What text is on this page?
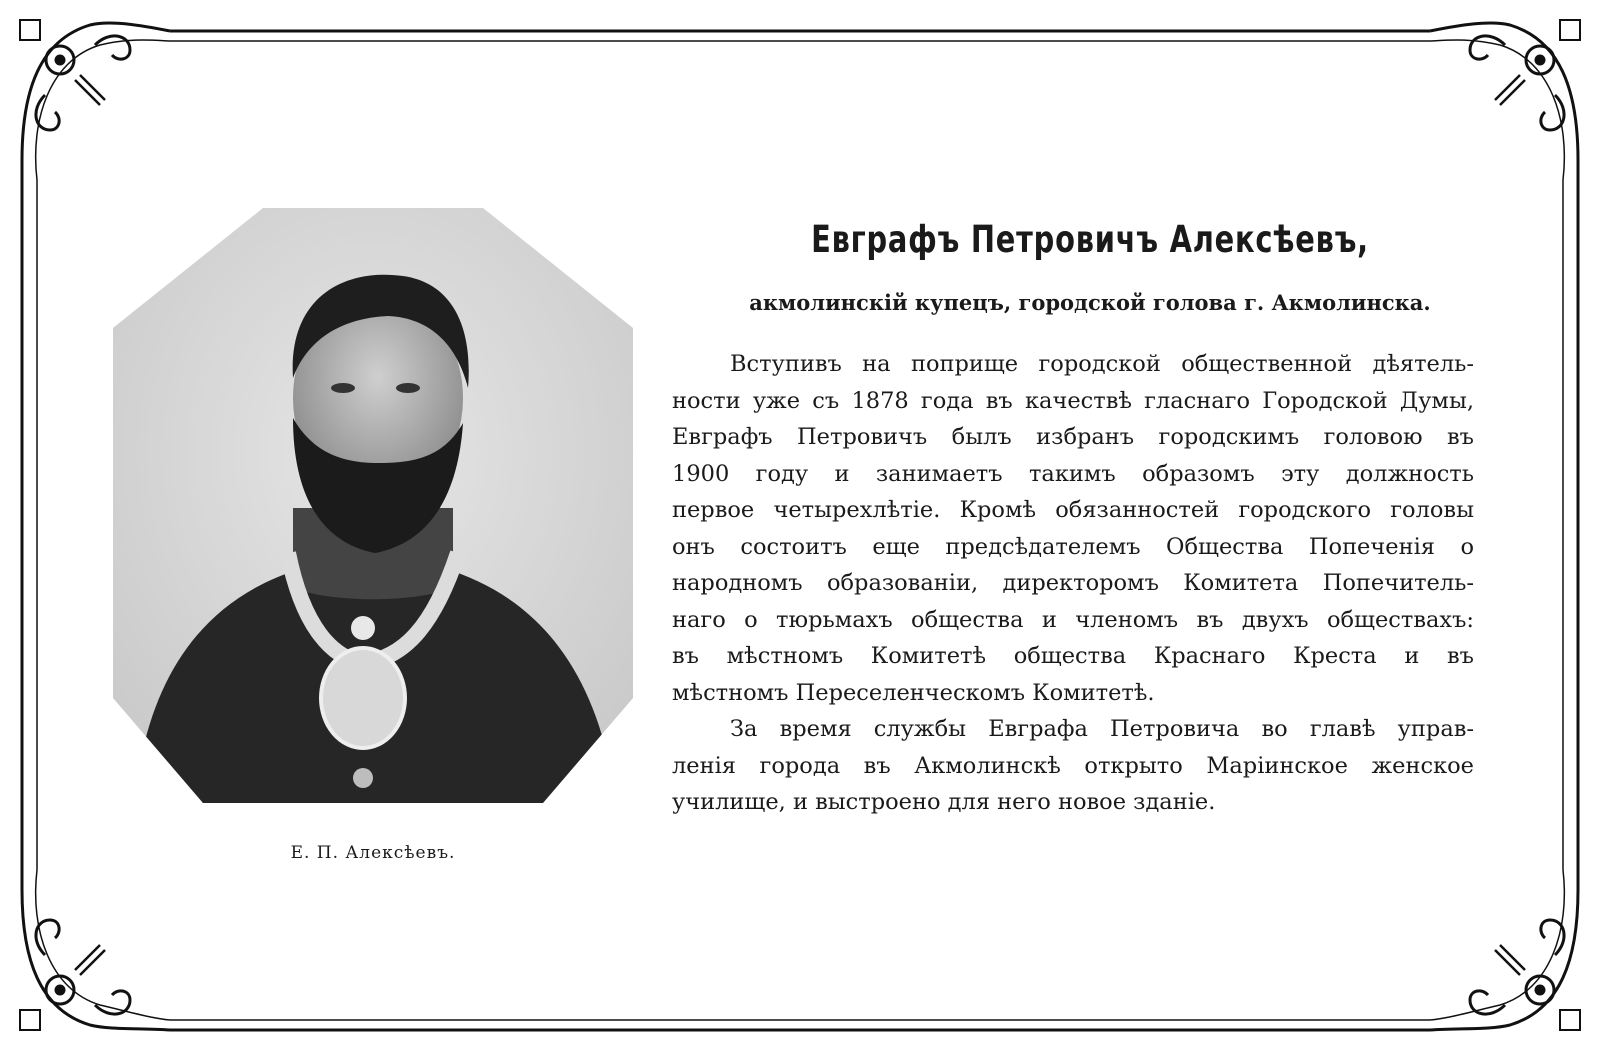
Е. П. Алексѣевъ.
Евграфъ Петровичъ Алексѣевъ,
акмолинскій купецъ, городской голова г. Акмолинска.
Вступивъ на поприще городской общественной дѣятель-
ности уже съ 1878 года въ качествѣ гласнаго Городской Думы,
Евграфъ Петровичъ былъ избранъ городскимъ головою въ
1900 году и занимаетъ такимъ образомъ эту должность
первое четырехлѣтіе. Кромѣ обязанностей городского головы
онъ состоитъ еще предсѣдателемъ Общества Попеченія о
народномъ образованіи, директоромъ Комитета Попечитель-
наго о тюрьмахъ общества и членомъ въ двухъ обществахъ:
въ мѣстномъ Комитетѣ общества Краснаго Креста и въ
мѣстномъ Переселенческомъ Комитетѣ.
За время службы Евграфа Петровича во главѣ управ-
ленія города въ Акмолинскѣ открыто Маріинское женское
училище, и выстроено для него новое зданіе.
